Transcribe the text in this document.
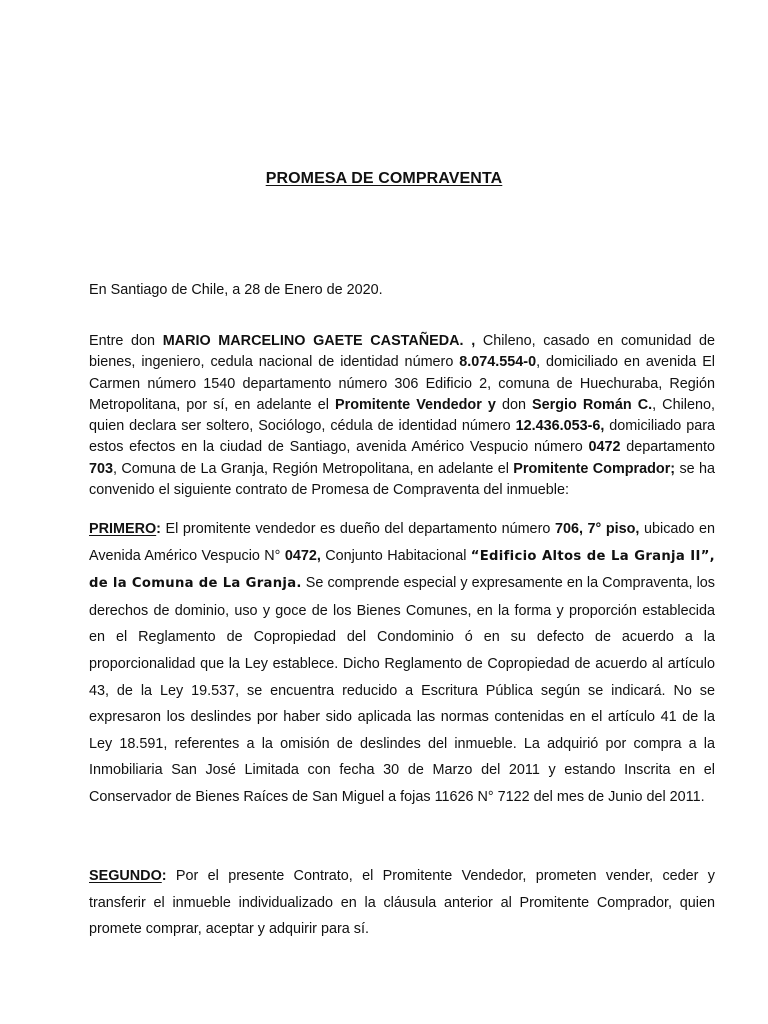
PROMESA DE COMPRAVENTA
En Santiago de Chile, a 28 de Enero de 2020.
Entre don MARIO MARCELINO GAETE CASTAÑEDA. , Chileno, casado en comunidad de bienes, ingeniero, cedula nacional de identidad número 8.074.554-0, domiciliado en avenida El Carmen número 1540 departamento número 306 Edificio 2, comuna de Huechuraba, Región Metropolitana, por sí, en adelante el Promitente Vendedor y don Sergio Román C., Chileno, quien declara ser soltero, Sociólogo, cédula de identidad número 12.436.053-6, domiciliado para estos efectos en la ciudad de Santiago, avenida Américo Vespucio número 0472 departamento 703, Comuna de La Granja, Región Metropolitana, en adelante el Promitente Comprador; se ha convenido el siguiente contrato de Promesa de Compraventa del inmueble:
PRIMERO: El promitente vendedor es dueño del departamento número 706, 7° piso, ubicado en Avenida Américo Vespucio N° 0472, Conjunto Habitacional “Edificio Altos de La Granja II”, de la Comuna de La Granja. Se comprende especial y expresamente en la Compraventa, los derechos de dominio, uso y goce de los Bienes Comunes, en la forma y proporción establecida en el Reglamento de Copropiedad del Condominio ó en su defecto de acuerdo a la proporcionalidad que la Ley establece. Dicho Reglamento de Copropiedad de acuerdo al artículo 43, de la Ley 19.537, se encuentra reducido a Escritura Pública según se indicará. No se expresaron los deslindes por haber sido aplicada las normas contenidas en el artículo 41 de la Ley 18.591, referentes a la omisión de deslindes del inmueble. La adquirió por compra a la Inmobiliaria San José Limitada con fecha 30 de Marzo del 2011 y estando Inscrita en el Conservador de Bienes Raíces de San Miguel a fojas 11626 N° 7122 del mes de Junio del 2011.
SEGUNDO: Por el presente Contrato, el Promitente Vendedor, prometen vender, ceder y transferir el inmueble individualizado en la cláusula anterior al Promitente Comprador, quien promete comprar, aceptar y adquirir para sí.
